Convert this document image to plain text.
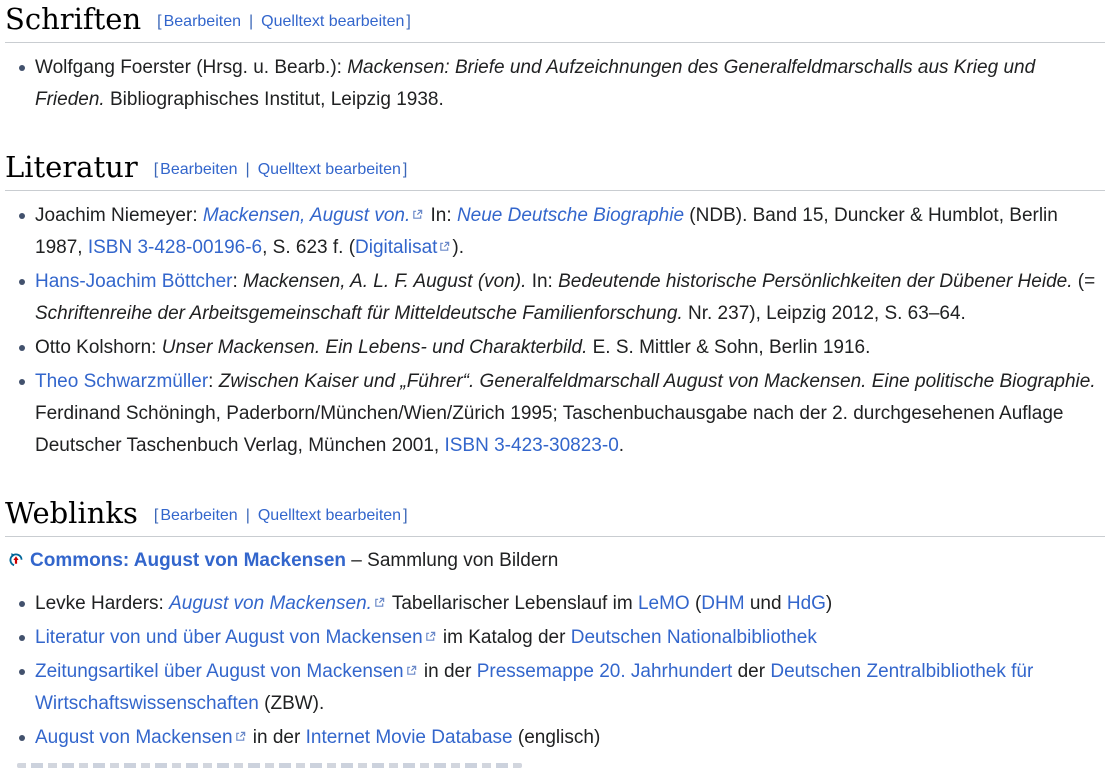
Schriften [ Bearbeiten | Quelltext bearbeiten ]
Wolfgang Foerster (Hrsg. u. Bearb.): Mackensen: Briefe und Aufzeichnungen des Generalfeldmarschalls aus Krieg und Frieden. Bibliographisches Institut, Leipzig 1938.
Literatur [ Bearbeiten | Quelltext bearbeiten ]
Joachim Niemeyer: Mackensen, August von.
In: Neue Deutsche Biographie (NDB). Band 15, Duncker & Humblot, Berlin 1987, ISBN 3-428-00196-6, S. 623 f. (Digitalisat ).
Hans-Joachim Böttcher: Mackensen, A. L. F. August (von). In: Bedeutende historische Persönlichkeiten der Dübener Heide. (= Schriftenreihe der Arbeitsgemeinschaft für Mitteldeutsche Familienforschung. Nr. 237), Leipzig 2012, S. 63–64.
Otto Kolshorn: Unser Mackensen. Ein Lebens- und Charakterbild. E. S. Mittler & Sohn, Berlin 1916.
Theo Schwarzmüller: Zwischen Kaiser und „Führer“. Generalfeldmarschall August von Mackensen. Eine politische Biographie. Ferdinand Schöningh, Paderborn/München/Wien/Zürich 1995; Taschenbuchausgabe nach der 2. durchgesehenen Auflage Deutscher Taschenbuch Verlag, München 2001, ISBN 3-423-30823-0.
Weblinks [ Bearbeiten | Quelltext bearbeiten ]
Commons: August von Mackensen – Sammlung von Bildern
Levke Harders: August von Mackensen.
Tabellarischer Lebenslauf im LeMO (DHM und HdG)
Literatur von und über August von Mackensen
im Katalog der Deutschen Nationalbibliothek
Zeitungsartikel über August von Mackensen
in der Pressemappe 20. Jahrhundert der Deutschen Zentralbibliothek für Wirtschaftswissenschaften (ZBW).
August von Mackensen
in der Internet Movie Database (englisch)
